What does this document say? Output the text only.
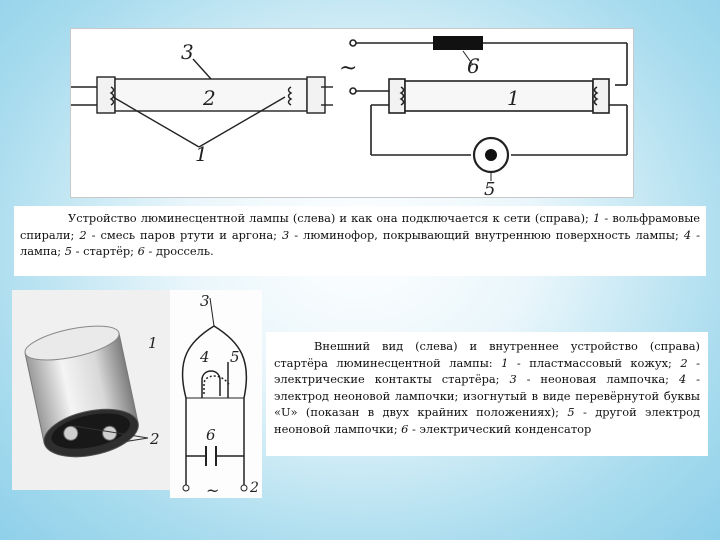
3
2
1
~	6
1
5

Устройство люминесцентной лампы (слева) и как она подключается к сети (справа); 1 - вольфрамовые спирали; 2 - смесь паров ртути и аргона; 3 - люминофор, покрывающий внутреннюю поверхность лампы; 4 - лампа; 5 - стартёр; 6 - дроссель.

1
2
3
4 5
6
~ 2

Внешний вид (слева) и внутреннее устройство (справа) стартёра люминесцентной лампы: 1 - пластмассовый кожух; 2 - электрические контакты стартёра; 3 - неоновая лампочка; 4 - электрод неоновой лампочки; изогнутый в виде перевёрнутой буквы «U» (показан в двух крайних положениях); 5 - другой электрод неоновой лампочки; 6 - электрический конденсатор
